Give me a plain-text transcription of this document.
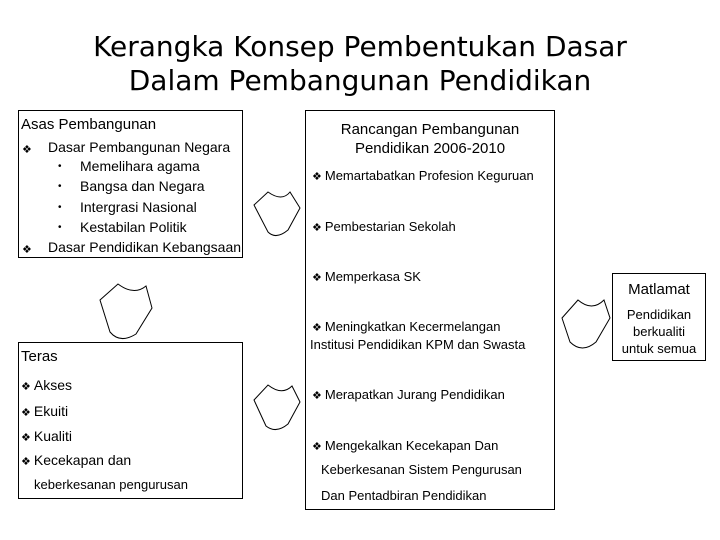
Kerangka Konsep Pembentukan Dasar
Dalam Pembangunan Pendidikan
Asas Pembangunan
❖ Dasar Pembangunan Negara
• Memelihara agama
• Bangsa dan Negara
• Intergrasi Nasional
• Kestabilan Politik
❖ Dasar Pendidikan Kebangsaan
Teras
❖ Akses
❖ Ekuiti
❖ Kualiti
❖ Kecekapan dan
keberkesanan pengurusan
Rancangan Pembangunan
Pendidikan 2006-2010
❖ Memartabatkan Profesion Keguruan
❖ Pembestarian Sekolah
❖ Memperkasa SK
❖ Meningkatkan Kecermelangan
Institusi Pendidikan KPM dan Swasta
❖ Merapatkan Jurang Pendidikan
❖ Mengekalkan Kecekapan Dan
Keberkesanan Sistem Pengurusan
Dan Pentadbiran Pendidikan
Matlamat
Pendidikan
berkualiti
untuk semua
